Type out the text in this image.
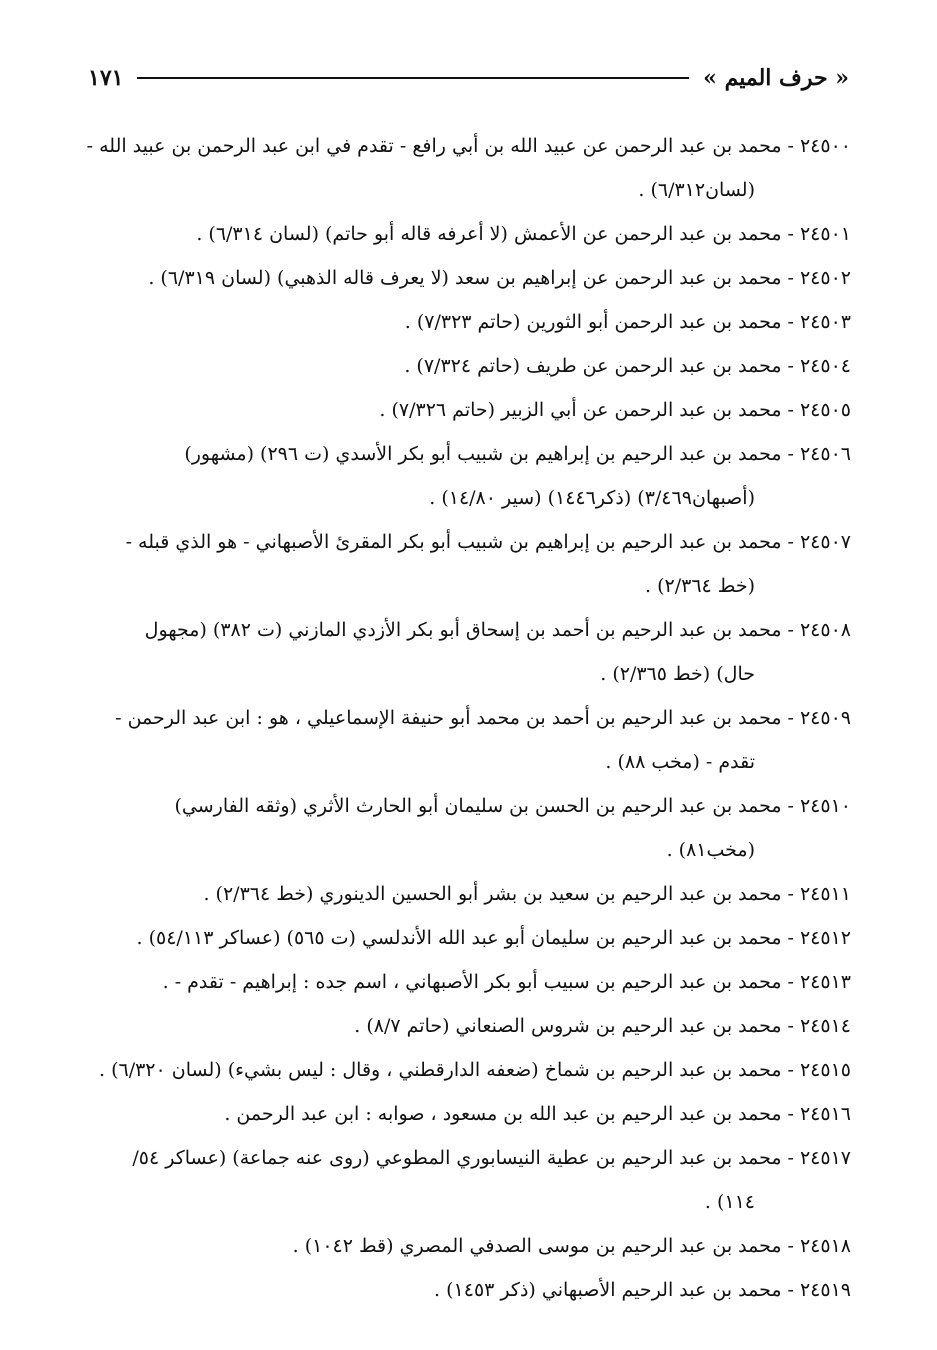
« حرف الميم »
١٧١
٢٤٥٠٠-محمد بن عبد الرحمن عن عبيد الله بن أبي رافع - تقدم في ابن عبد الرحمن بن عبيد الله -
(لسان٦/٣١٢) .
٢٤٥٠١-محمد بن عبد الرحمن عن الأعمش (لا أعرفه قاله أبو حاتم) (لسان ٦/٣١٤) .
٢٤٥٠٢-محمد بن عبد الرحمن عن إبراهيم بن سعد (لا يعرف قاله الذهبي) (لسان ٦/٣١٩) .
٢٤٥٠٣-محمد بن عبد الرحمن أبو الثورين (حاتم ٧/٣٢٣) .
٢٤٥٠٤-محمد بن عبد الرحمن عن طريف (حاتم ٧/٣٢٤) .
٢٤٥٠٥-محمد بن عبد الرحمن عن أبي الزبير (حاتم ٧/٣٢٦) .
٢٤٥٠٦-محمد بن عبد الرحيم بن إبراهيم بن شبيب أبو بكر الأسدي (ت ٢٩٦) (مشهور)
(أصبهان٣/٤٦٩) (ذكر١٤٤٦) (سير ١٤/٨٠) .
٢٤٥٠٧-محمد بن عبد الرحيم بن إبراهيم بن شبيب أبو بكر المقرئ الأصبهاني - هو الذي قبله -
(خط ٢/٣٦٤) .
٢٤٥٠٨-محمد بن عبد الرحيم بن أحمد بن إسحاق أبو بكر الأزدي المازني (ت ٣٨٢) (مجهول
حال) (خط ٢/٣٦٥) .
٢٤٥٠٩-محمد بن عبد الرحيم بن أحمد بن محمد أبو حنيفة الإسماعيلي ، هو : ابن عبد الرحمن -
تقدم - (مخب ٨٨) .
٢٤٥١٠-محمد بن عبد الرحيم بن الحسن بن سليمان أبو الحارث الأثري (وثقه الفارسي)
(مخب٨١) .
٢٤٥١١-محمد بن عبد الرحيم بن سعيد بن بشر أبو الحسين الدينوري (خط ٢/٣٦٤) .
٢٤٥١٢-محمد بن عبد الرحيم بن سليمان أبو عبد الله الأندلسي (ت ٥٦٥) (عساكر ٥٤/١١٣) .
٢٤٥١٣-محمد بن عبد الرحيم بن سبيب أبو بكر الأصبهاني ، اسم جده : إبراهيم - تقدم - .
٢٤٥١٤-محمد بن عبد الرحيم بن شروس الصنعاني (حاتم ٨/٧) .
٢٤٥١٥-محمد بن عبد الرحيم بن شماخ (ضعفه الدارقطني ، وقال : ليس بشيء) (لسان ٦/٣٢٠) .
٢٤٥١٦-محمد بن عبد الرحيم بن عبد الله بن مسعود ، صوابه : ابن عبد الرحمن .
٢٤٥١٧-محمد بن عبد الرحيم بن عطية النيسابوري المطوعي (روى عنه جماعة) (عساكر ٥٤/
١١٤) .
٢٤٥١٨-محمد بن عبد الرحيم بن موسى الصدفي المصري (قط ١٠٤٢) .
٢٤٥١٩-محمد بن عبد الرحيم الأصبهاني (ذكر ١٤٥٣) .
